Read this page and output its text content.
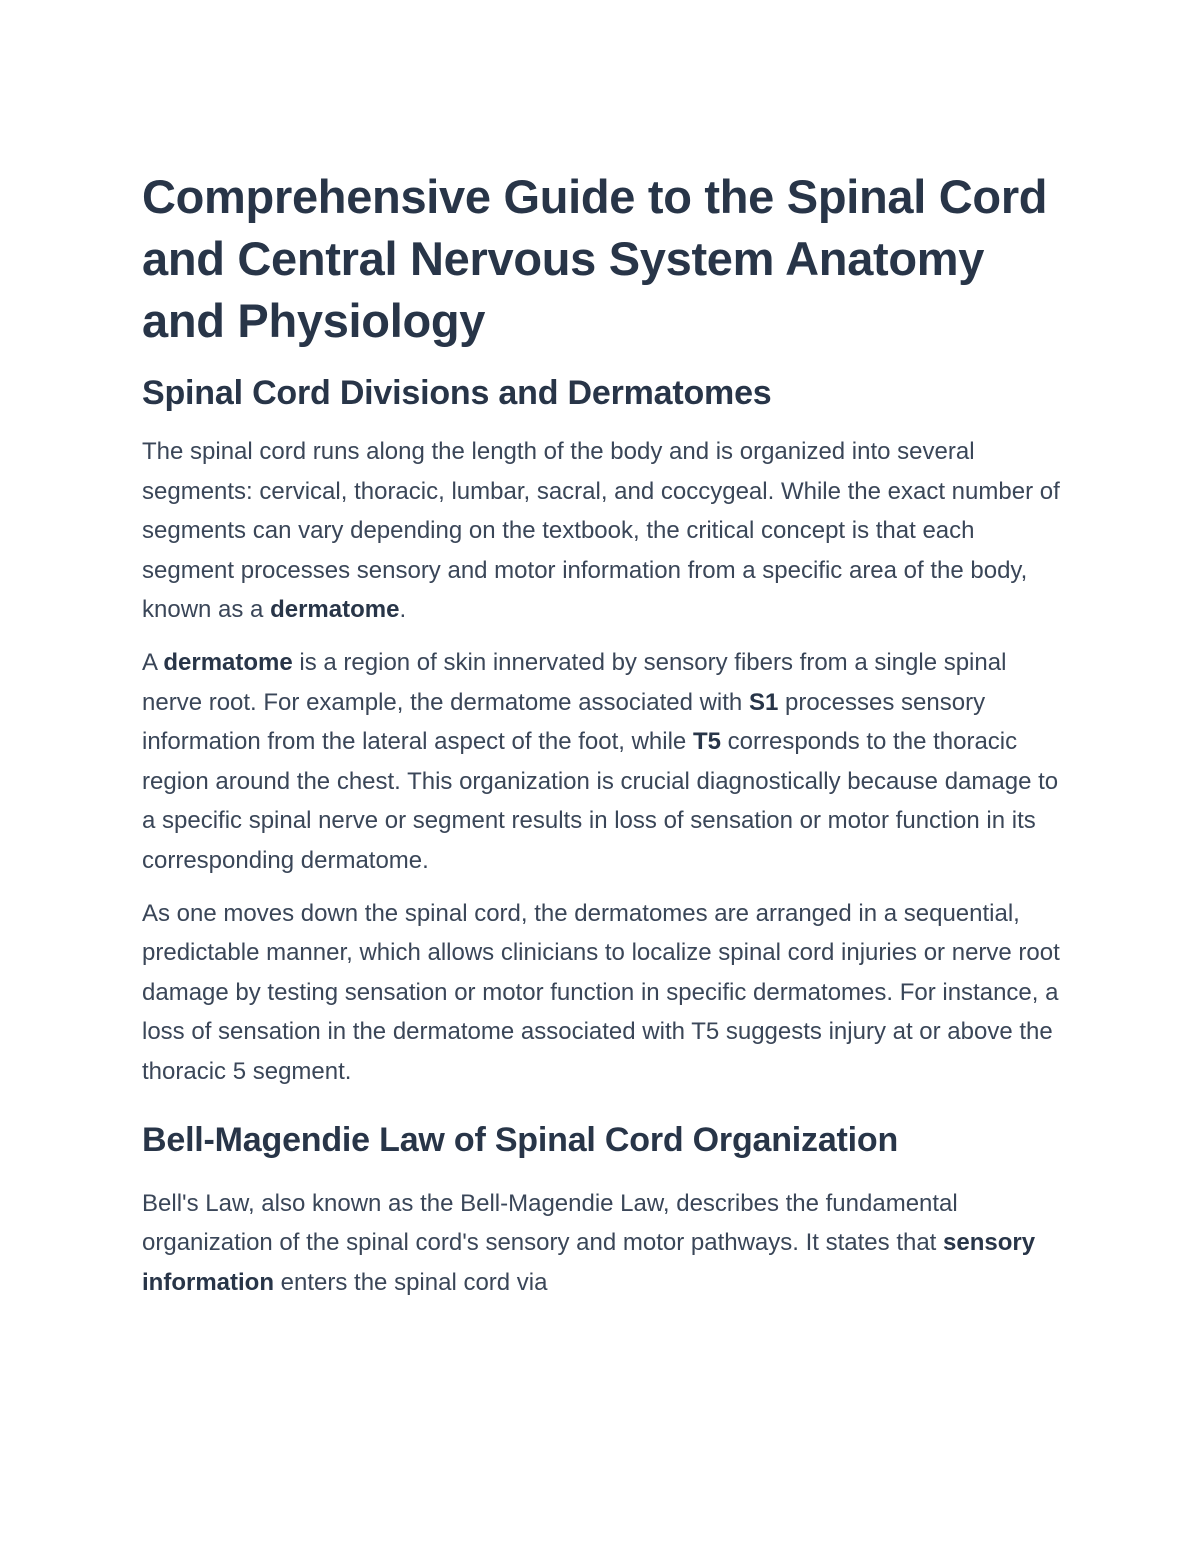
Comprehensive Guide to the Spinal Cord and Central Nervous System Anatomy and Physiology
Spinal Cord Divisions and Dermatomes

The spinal cord runs along the length of the body and is organized into several segments: cervical, thoracic, lumbar, sacral, and coccygeal. While the exact number of segments can vary depending on the textbook, the critical concept is that each segment processes sensory and motor information from a specific area of the body, known as a dermatome.

A dermatome is a region of skin innervated by sensory fibers from a single spinal nerve root. For example, the dermatome associated with S1 processes sensory information from the lateral aspect of the foot, while T5 corresponds to the thoracic region around the chest. This organization is crucial diagnostically because damage to a specific spinal nerve or segment results in loss of sensation or motor function in its corresponding dermatome.

As one moves down the spinal cord, the dermatomes are arranged in a sequential, predictable manner, which allows clinicians to localize spinal cord injuries or nerve root damage by testing sensation or motor function in specific dermatomes. For instance, a loss of sensation in the dermatome associated with T5 suggests injury at or above the thoracic 5 segment.

Bell-Magendie Law of Spinal Cord Organization

Bell's Law, also known as the Bell-Magendie Law, describes the fundamental organization of the spinal cord's sensory and motor pathways. It states that sensory information enters the spinal cord via
